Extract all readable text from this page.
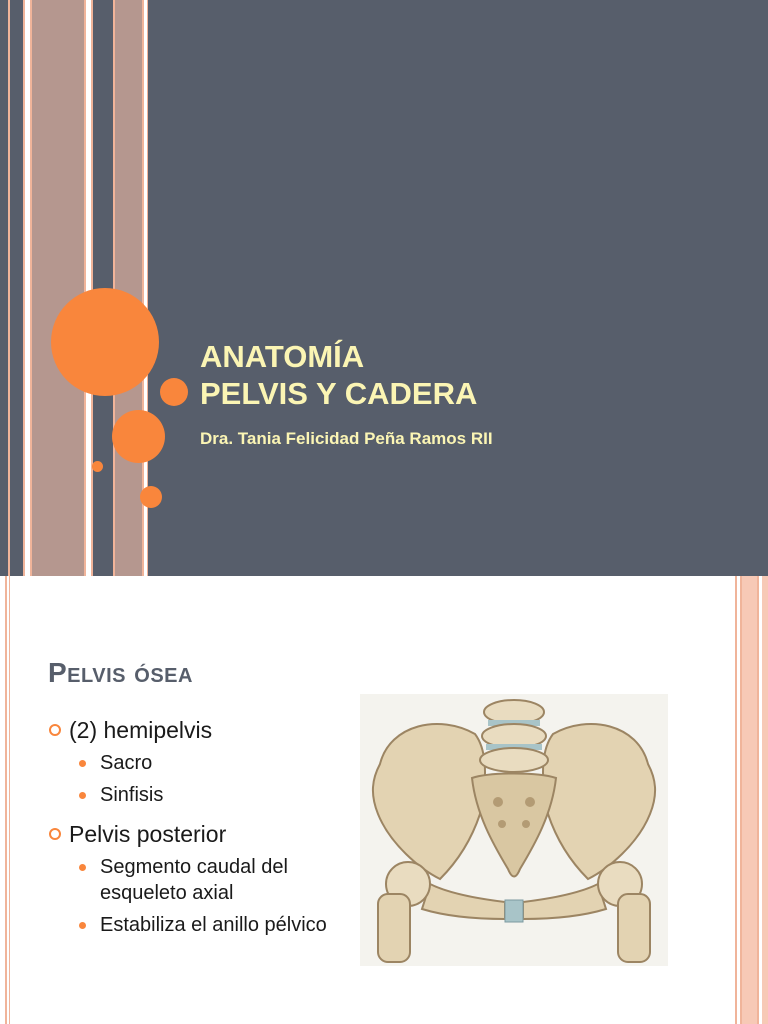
ANATOMÍA
PELVIS Y CADERA
Dra. Tania Felicidad Peña Ramos RII
Pelvis ósea
(2) hemipelvis
Sacro
Sinfisis
Pelvis posterior
Segmento caudal del esqueleto axial
Estabiliza el anillo pélvico
